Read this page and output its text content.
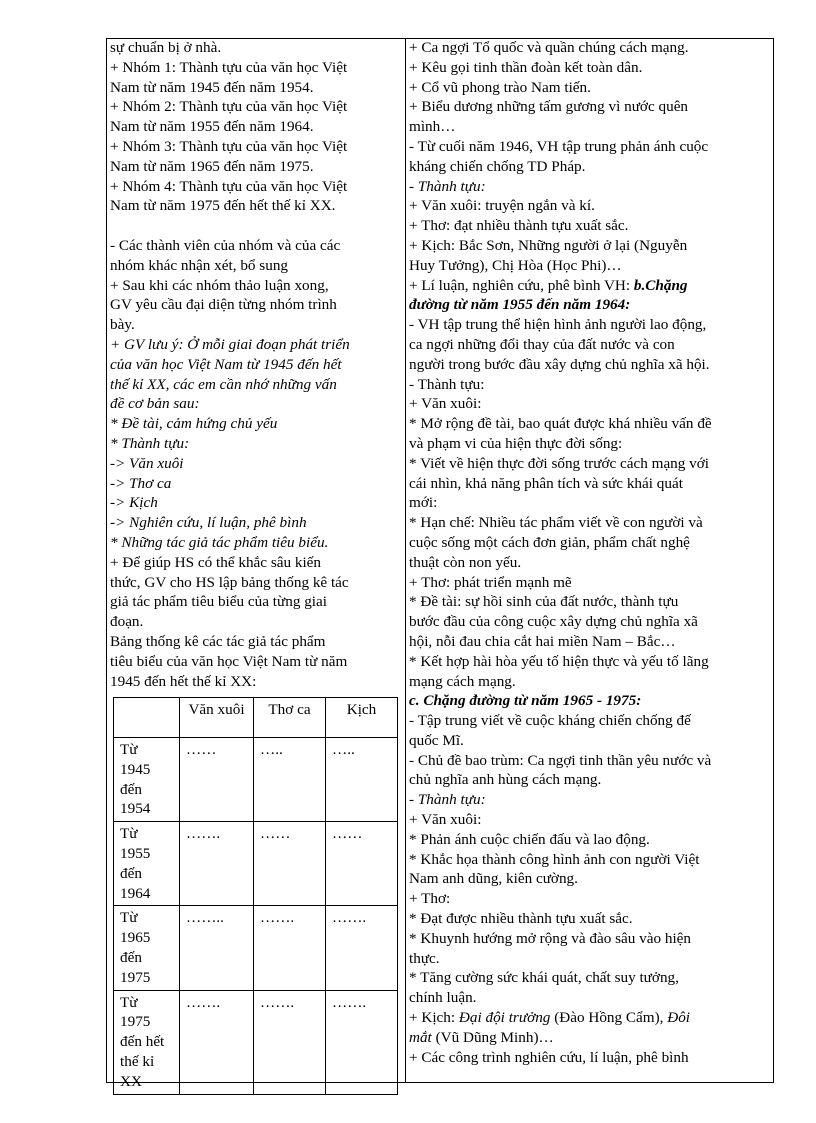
sự chuẩn bị ở nhà.
+ Nhóm 1: Thành tựu của văn học Việt
Nam từ năm 1945 đến năm 1954.
+ Nhóm 2: Thành tựu của văn học Việt
Nam từ năm 1955 đến năm 1964.
+ Nhóm 3: Thành tựu của văn học Việt
Nam từ năm 1965 đến năm 1975.
+ Nhóm 4: Thành tựu của văn học Việt
Nam từ năm 1975 đến hết thế kỉ XX.
- Các thành viên của nhóm và của các
nhóm khác nhận xét, bổ sung
+ Sau khi các nhóm thảo luận xong,
GV yêu cầu đại diện từng nhóm trình
bày.
+ GV lưu ý: Ở mỗi giai đoạn phát triển
của văn học Việt Nam từ 1945 đến hết
thế kỉ XX, các em cần nhớ những vấn
đề cơ bản sau:
* Đề tài, cảm hứng chủ yếu
* Thành tựu:
-> Văn xuôi
-> Thơ ca
-> Kịch
-> Nghiên cứu, lí luận, phê bình
* Những tác giả tác phẩm tiêu biểu.
+ Để giúp HS có thể khắc sâu kiến
thức, GV cho HS lập bảng thống kê tác
giả tác phẩm tiêu biểu của từng giai
đoạn.
Bảng thống kê các tác giả tác phẩm
tiêu biểu của văn học Việt Nam từ năm
1945 đến hết thế kỉ XX:
	Văn xuôi	Thơ ca	Kịch
Từ
1945
đến
1954	……	…..	…..
Từ
1955
đến
1964	…….	……	……
Từ
1965
đến
1975	……..	…….	…….
Từ
1975
đến hết
thế kỉ
XX	…….	…….	…….
+ Ca ngợi Tổ quốc và quần chúng cách mạng.
+ Kêu gọi tinh thần đoàn kết toàn dân.
+ Cổ vũ phong trào Nam tiến.
+ Biểu dương những tấm gương vì nước quên
mình…
- Từ cuối năm 1946, VH tập trung phản ánh cuộc
kháng chiến chống TD Pháp.
- Thành tựu:
+ Văn xuôi: truyện ngắn và kí.
+ Thơ: đạt nhiều thành tựu xuất sắc.
+ Kịch: Bắc Sơn, Những người ở lại (Nguyễn
Huy Tưởng), Chị Hòa (Học Phi)…
+ Lí luận, nghiên cứu, phê bình VH: b.Chặng
đường từ năm 1955 đến năm 1964:
- VH tập trung thể hiện hình ảnh người lao động,
ca ngợi những đổi thay của đất nước và con
người trong bước đầu xây dựng chủ nghĩa xã hội.
- Thành tựu:
+ Văn xuôi:
* Mở rộng đề tài, bao quát được khá nhiều vấn đề
và phạm vi của hiện thực đời sống:
* Viết về hiện thực đời sống trước cách mạng với
cái nhìn, khả năng phân tích và sức khái quát
mới:
* Hạn chế: Nhiều tác phẩm viết về con người và
cuộc sống một cách đơn giản, phẩm chất nghệ
thuật còn non yếu.
+ Thơ: phát triển mạnh mẽ
* Đề tài: sự hồi sinh của đất nước, thành tựu
bước đầu của công cuộc xây dựng chủ nghĩa xã
hội, nỗi đau chia cắt hai miền Nam – Bắc…
* Kết hợp hài hòa yếu tố hiện thực và yếu tố lãng
mạng cách mạng.
c. Chặng đường từ năm 1965 - 1975:
- Tập trung viết về cuộc kháng chiến chống đế
quốc Mĩ.
- Chủ đề bao trùm: Ca ngợi tinh thần yêu nước và
chủ nghĩa anh hùng cách mạng.
- Thành tựu:
+ Văn xuôi:
* Phản ánh cuộc chiến đấu và lao động.
* Khắc họa thành công hình ảnh con người Việt
Nam anh dũng, kiên cường.
+ Thơ:
* Đạt được nhiều thành tựu xuất sắc.
* Khuynh hướng mở rộng và đào sâu vào hiện
thực.
* Tăng cường sức khái quát, chất suy tưởng,
chính luận.
+ Kịch: Đại đội trưởng (Đào Hồng Cẩm), Đôi
mắt (Vũ Dũng Minh)…
+ Các công trình nghiên cứu, lí luận, phê bình
